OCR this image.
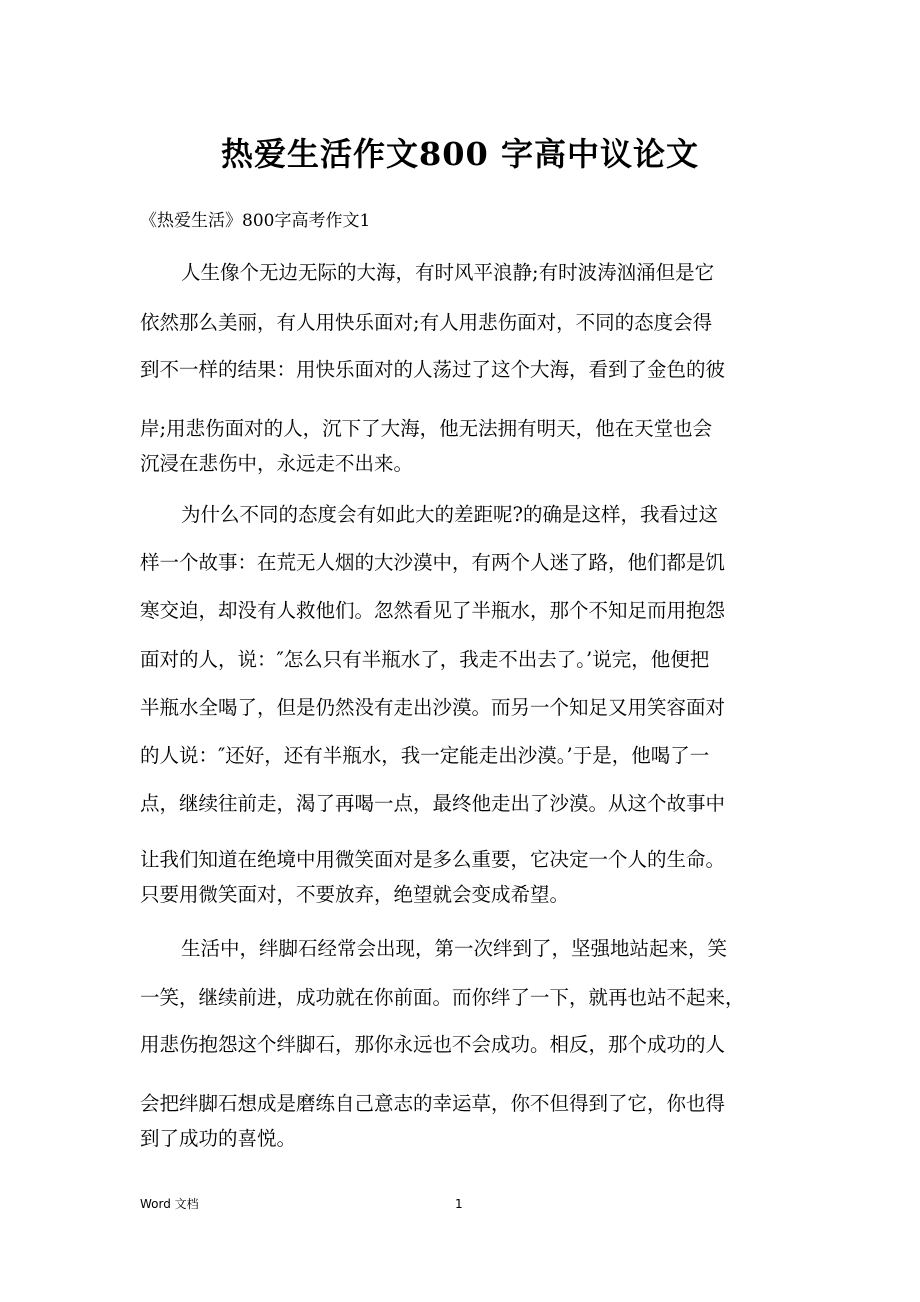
热爱生活作文800 字高中议论文

《热爱生活》800字高考作文1

人生像个无边无际的大海，有时风平浪静;有时波涛汹涌但是它

依然那么美丽，有人用快乐面对;有人用悲伤面对，不同的态度会得

到不一样的结果：用快乐面对的人荡过了这个大海，看到了金色的彼

岸;用悲伤面对的人，沉下了大海，他无法拥有明天，他在天堂也会

沉浸在悲伤中，永远走不出来。

为什么不同的态度会有如此大的差距呢?的确是这样，我看过这

样一个故事：在荒无人烟的大沙漠中，有两个人迷了路，他们都是饥

寒交迫，却没有人救他们。忽然看见了半瓶水，那个不知足而用抱怨

面对的人，说：″怎么只有半瓶水了，我走不出去了。’说完，他便把

半瓶水全喝了，但是仍然没有走出沙漠。而另一个知足又用笑容面对

的人说：″还好，还有半瓶水，我一定能走出沙漠。’于是，他喝了一

点，继续往前走，渴了再喝一点，最终他走出了沙漠。从这个故事中

让我们知道在绝境中用微笑面对是多么重要，它决定一个人的生命。

只要用微笑面对，不要放弃，绝望就会变成希望。

生活中，绊脚石经常会出现，第一次绊到了，坚强地站起来，笑

一笑，继续前进，成功就在你前面。而你绊了一下，就再也站不起来，

用悲伤抱怨这个绊脚石，那你永远也不会成功。相反，那个成功的人

会把绊脚石想成是磨练自己意志的幸运草，你不但得到了它，你也得

到了成功的喜悦。

Word 文档	1
